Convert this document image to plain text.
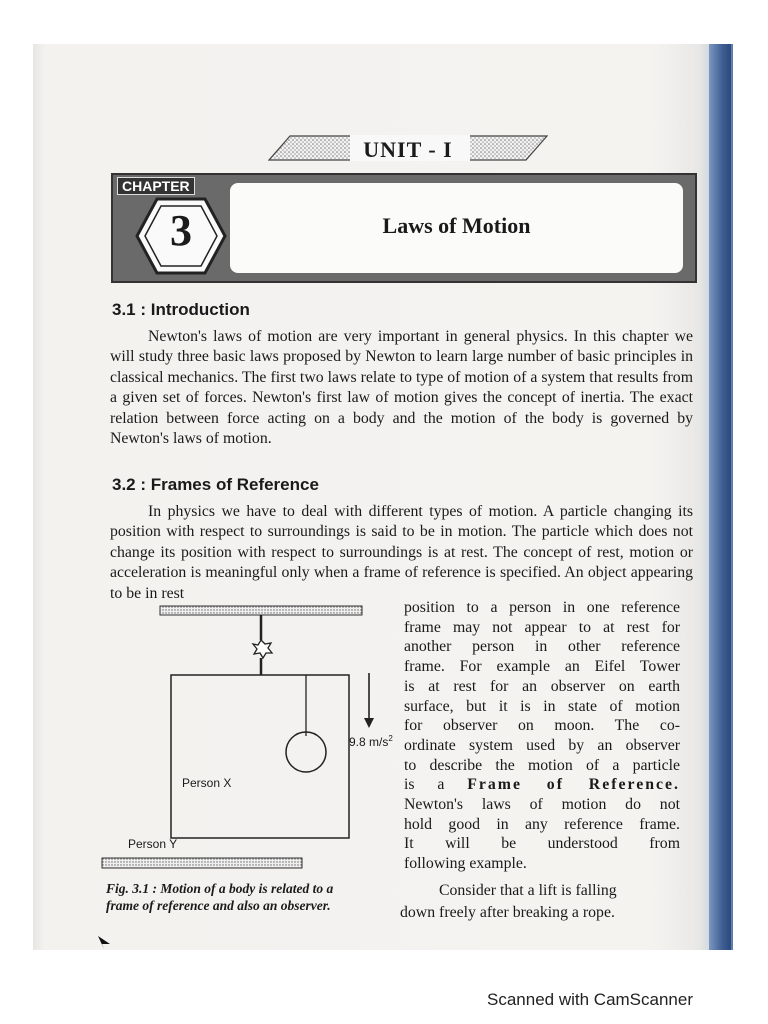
UNIT - I
CHAPTER
3	Laws of Motion
3.1 : Introduction

Newton's laws of motion are very important in general physics. In this chapter we will study three basic laws proposed by Newton to learn large number of basic principles in classical mechanics. The first two laws relate to type of motion of a system that results from a given set of forces. Newton's first law of motion gives the concept of inertia. The exact relation between force acting on a body and the motion of the body is governed by Newton's laws of motion.

3.2 : Frames of Reference

In physics we have to deal with different types of motion. A particle changing its position with respect to surroundings is said to be in motion. The particle which does not change its position with respect to surroundings is at rest. The concept of rest, motion or acceleration is meaningful only when a frame of reference is specified. An object appearing to be in rest

position to a person in one reference
frame may not appear to at rest for
another person in other reference
frame. For example an Eifel Tower
is at rest for an observer on earth
surface, but it is in state of motion
for observer on moon. The co-
ordinate system used by an observer
to describe the motion of a particle
is a Frame of Reference.
Newton's laws of motion do not
hold good in any reference frame.
It will be understood from
following example.
Consider that a lift is falling
down freely after breaking a rope.
9.8 $m/s^2$
Person X
Person Y
Fig. 3.1 : Motion of a body is related to a
frame of reference and also an observer.
Scanned with CamScanner
